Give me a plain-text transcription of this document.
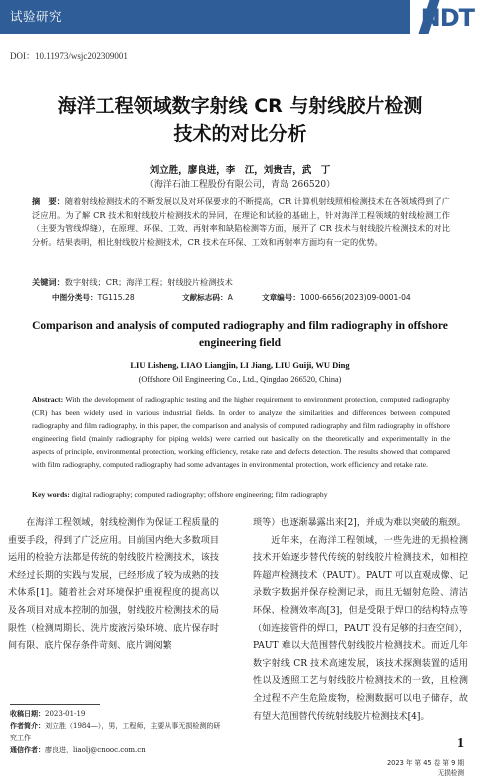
试验研究	NDT
DOI：10.11973/wsjc202309001
海洋工程领域数字射线 CR 与射线胶片检测
技术的对比分析
刘立胜，廖良进，李　江，刘贵吉，武　丁
（海洋石油工程股份有限公司，青岛 266520）
摘　要：随着射线检测技术的不断发展以及对环保要求的不断提高，CR 计算机射线照相检测技术在各领域得到了广泛应用。为了解 CR 技术和射线胶片检测技术的异同，在理论和试验的基础上，针对海洋工程领域的射线检测工作（主要为管线焊缝），在原理、环保、工效、再射率和缺陷检测等方面，展开了 CR 技术与射线胶片检测技术的对比分析。结果表明，相比射线胶片检测技术，CR 技术在环保、工效和再射率方面均有一定的优势。
关键词：数字射线；CR；海洋工程；射线胶片检测技术
中图分类号：TG115.28	文献标志码：A	文章编号：1000-6656(2023)09-0001-04
Comparison and analysis of computed radiography and film radiography in offshore engineering field
LIU Lisheng, LIAO Liangjin, LI Jiang, LIU Guiji, WU Ding
(Offshore Oil Engineering Co., Ltd., Qingdao 266520, China)
Abstract: With the development of radiographic testing and the higher requirement to environment protection, computed radiography (CR) has been widely used in various industrial fields. In order to analyze the similarities and differences between computed radiography and film radiography, in this paper, the comparison and analysis of computed radiography and film radiography in offshore engineering field (mainly radiography for piping welds) were carried out basically on the theoretically and experimentally in the aspects of principle, environmental protection, working efficiency, retake rate and defects detection. The results showed that compared with film radiography, computed radiography had some advantages in environmental protection, work efficiency and retake rate.
Key words: digital radiography; computed radiography; offshore engineering; film radiography

在海洋工程领域，射线检测作为保证工程质量的重要手段，得到了广泛应用。目前国内绝大多数项目运用的检验方法都是传统的射线胶片检测技术，该技术经过长期的实践与发展，已经形成了较为成熟的技术体系[1]。随着社会对环境保护重视程度的提高以及各项目对成本控制的加强，射线胶片检测技术的局限性（检测周期长、洗片废液污染环境、底片保存时间有限、底片保存条件苛刻、底片调阅繁

琐等）也逐渐暴露出来[2]，并成为难以突破的瓶颈。

近年来，在海洋工程领域，一些先进的无损检测技术开始逐步替代传统的射线胶片检测技术，如相控阵超声检测技术（PAUT）。PAUT 可以直观成像、记录数字数据并保存检测记录，而且无辐射危险、清洁环保、检测效率高[3]，但是受限于焊口的结构特点等（如连接管件的焊口，PAUT 没有足够的扫查空间），PAUT 难以大范围替代射线胶片检测技术。而近几年数字射线 CR 技术高速发展，该技术探测装置的适用性以及透照工艺与射线胶片检测技术的一致，且检测全过程不产生危险废物，检测数据可以电子储存，故有望大范围替代传统射线胶片检测技术[4]。

收稿日期：2023-01-19
作者简介：刘立胜（1984—），男，工程师，主要从事无损检测的研究工作
通信作者：廖良进，liaolj@cnooc.com.cn	1
2023 年 第 45 卷 第 9 期
无损检测
